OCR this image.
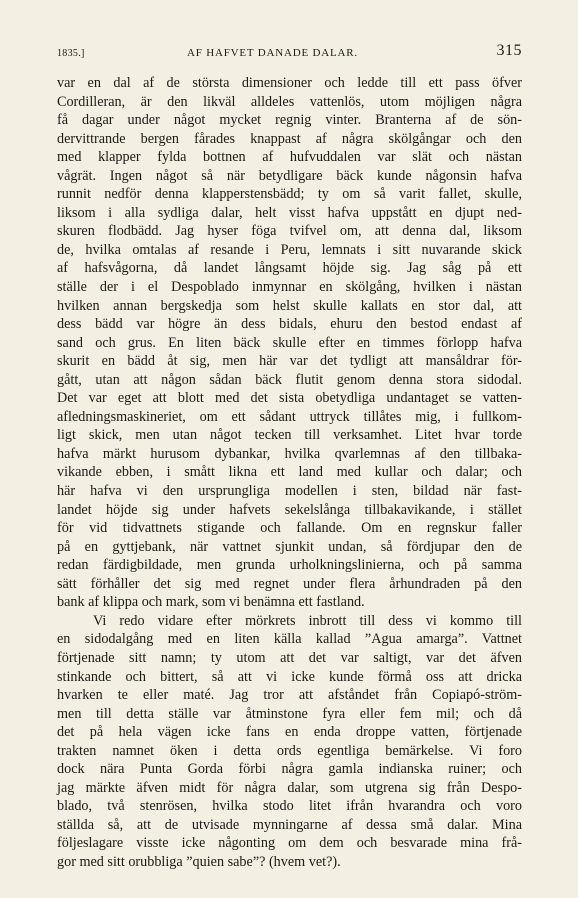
1835.]	AF HAFVET DANADE DALAR.	315
var en dal af de största dimensioner och ledde till ett pass öfver
Cordilleran, är den likväl alldeles vattenlös, utom möjligen några
få dagar under något mycket regnig vinter. Branterna af de sön-
dervittrande bergen fårades knappast af några skölgångar och den
med klapper fylda bottnen af hufvuddalen var slät och nästan
vågrät. Ingen något så när betydligare bäck kunde någonsin hafva
runnit nedför denna klapperstensbädd; ty om så varit fallet, skulle,
liksom i alla sydliga dalar, helt visst hafva uppstått en djupt ned-
skuren flodbädd. Jag hyser föga tvifvel om, att denna dal, liksom
de, hvilka omtalas af resande i Peru, lemnats i sitt nuvarande skick
af hafsvågorna, då landet långsamt höjde sig. Jag såg på ett
ställe der i el Despoblado inmynnar en skölgång, hvilken i nästan
hvilken annan bergskedja som helst skulle kallats en stor dal, att
dess bädd var högre än dess bidals, ehuru den bestod endast af
sand och grus. En liten bäck skulle efter en timmes förlopp hafva
skurit en bädd åt sig, men här var det tydligt att mansåldrar för-
gått, utan att någon sådan bäck flutit genom denna stora sidodal.
Det var eget att blott med det sista obetydliga undantaget se vatten-
afledningsmaskineriet, om ett sådant uttryck tillåtes mig, i fullkom-
ligt skick, men utan något tecken till verksamhet. Litet hvar torde
hafva märkt hurusom dybankar, hvilka qvarlemnas af den tillbaka-
vikande ebben, i smått likna ett land med kullar och dalar; och
här hafva vi den ursprungliga modellen i sten, bildad när fast-
landet höjde sig under hafvets sekelslånga tillbakavikande, i stället
för vid tidvattnets stigande och fallande. Om en regnskur faller
på en gyttjebank, när vattnet sjunkit undan, så fördjupar den de
redan färdigbildade, men grunda urholkningslinierna, och på samma
sätt förhåller det sig med regnet under flera århundraden på den
bank af klippa och mark, som vi benämna ett fastland.
Vi redo vidare efter mörkrets inbrott till dess vi kommo till
en sidodalgång med en liten källa kallad ”Agua amarga”. Vattnet
förtjenade sitt namn; ty utom att det var saltigt, var det äfven
stinkande och bittert, så att vi icke kunde förmå oss att dricka
hvarken te eller maté. Jag tror att afståndet från Copiapó-ström-
men till detta ställe var åtminstone fyra eller fem mil; och då
det på hela vägen icke fans en enda droppe vatten, förtjenade
trakten namnet öken i detta ords egentliga bemärkelse. Vi foro
dock nära Punta Gorda förbi några gamla indianska ruiner; och
jag märkte äfven midt för några dalar, som utgrena sig från Despo-
blado, två stenrösen, hvilka stodo litet ifrån hvarandra och voro
ställda så, att de utvisade mynningarne af dessa små dalar. Mina
följeslagare visste icke någonting om dem och besvarade mina frå-
gor med sitt orubbliga ”quien sabe”? (hvem vet?).
